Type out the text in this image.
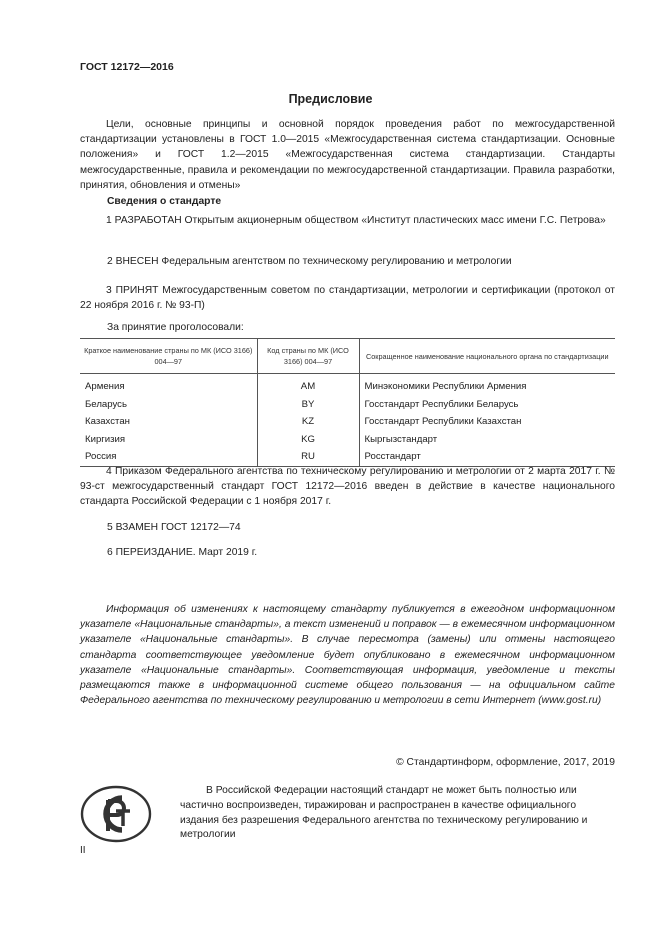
ГОСТ 12172—2016
Предисловие
Цели, основные принципы и основной порядок проведения работ по межгосударственной стандартизации установлены в ГОСТ 1.0—2015 «Межгосударственная система стандартизации. Основные положения» и ГОСТ 1.2—2015 «Межгосударственная система стандартизации. Стандарты межгосударственные, правила и рекомендации по межгосударственной стандартизации. Правила разработки, принятия, обновления и отмены»
Сведения о стандарте
1 РАЗРАБОТАН Открытым акционерным обществом «Институт пластических масс имени Г.С. Петрова»
2 ВНЕСЕН Федеральным агентством по техническому регулированию и метрологии
3 ПРИНЯТ Межгосударственным советом по стандартизации, метрологии и сертификации (протокол от 22 ноября 2016 г. № 93-П)
За принятие проголосовали:
Краткое наименование страны по МК (ИСО 3166) 004—97	Код страны по МК (ИСО 3166) 004—97	Сокращенное наименование национального органа по стандартизации
Армения	AM	Минэкономики Республики Армения
Беларусь	BY	Госстандарт Республики Беларусь
Казахстан	KZ	Госстандарт Республики Казахстан
Киргизия	KG	Кыргызстандарт
Россия	RU	Росстандарт
4 Приказом Федерального агентства по техническому регулированию и метрологии от 2 марта 2017 г. № 93-ст межгосударственный стандарт ГОСТ 12172—2016 введен в действие в качестве национального стандарта Российской Федерации с 1 ноября 2017 г.
5 ВЗАМЕН ГОСТ 12172—74
6 ПЕРЕИЗДАНИЕ. Март 2019 г.
Информация об изменениях к настоящему стандарту публикуется в ежегодном информационном указателе «Национальные стандарты», а текст изменений и поправок — в ежемесячном информационном указателе «Национальные стандарты». В случае пересмотра (замены) или отмены настоящего стандарта соответствующее уведомление будет опубликовано в ежемесячном информационном указателе «Национальные стандарты». Соответствующая информация, уведомление и тексты размещаются также в информационной системе общего пользования — на официальном сайте Федерального агентства по техническому регулированию и метрологии в сети Интернет (www.gost.ru)
© Стандартинформ, оформление, 2017, 2019
В Российской Федерации настоящий стандарт не может быть полностью или частично воспроизведен, тиражирован и распространен в качестве официального издания без разрешения Федерального агентства по техническому регулированию и метрологии
II
